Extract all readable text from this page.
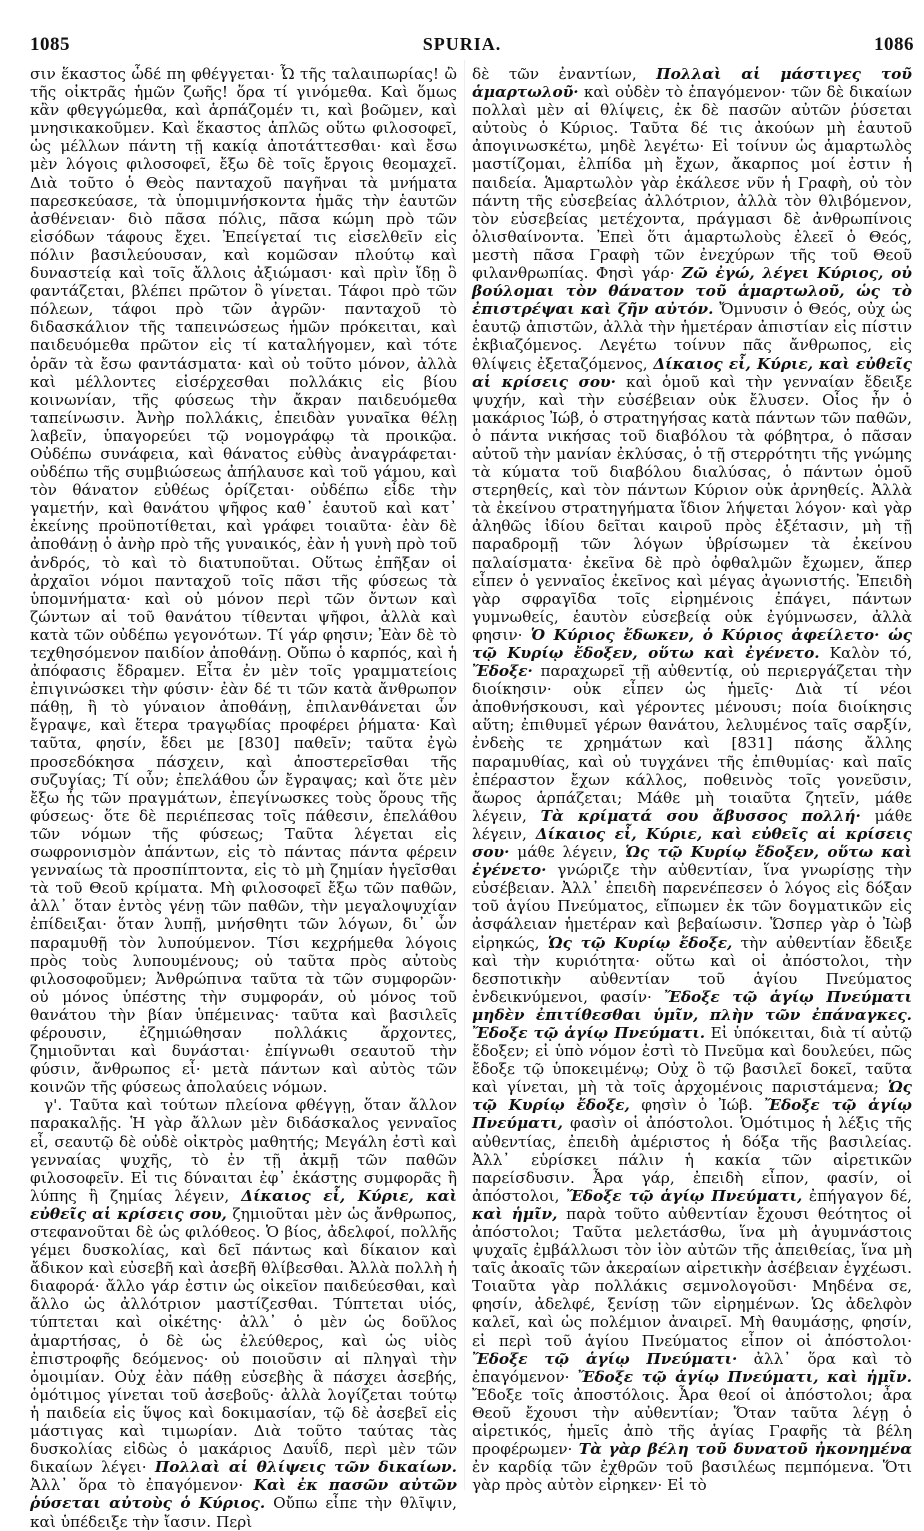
1085	SPURIA.	1086

σιν ἕκαστος ὧδέ πη φθέγγεται· Ὦ τῆς ταλαιπωρίας! ὢ τῆς οἰκτρᾶς ἡμῶν ζωῆς! ὅρα τί γινόμεθα. Καὶ ὅμως κἂν φθεγγώμεθα, καὶ ἁρπάζομέν τι, καὶ βοῶμεν, καὶ μνησικακοῦμεν. Καὶ ἕκαστος ἁπλῶς οὕτω φιλοσοφεῖ, ὡς μέλλων πάντη τῇ κακίᾳ ἀποτάττεσθαι· καὶ ἔσω μὲν λόγοις φιλοσοφεῖ, ἔξω δὲ τοῖς ἔργοις θεομαχεῖ. Διὰ τοῦτο ὁ Θεὸς πανταχοῦ παγῆναι τὰ μνήματα παρεσκεύασε, τὰ ὑπομιμνήσκοντα ἡμᾶς τὴν ἑαυτῶν ἀσθένειαν· διὸ πᾶσα πόλις, πᾶσα κώμη πρὸ τῶν εἰσόδων τάφους ἔχει. Ἐπείγεταί τις εἰσελθεῖν εἰς πόλιν βασιλεύουσαν, καὶ κομῶσαν πλούτῳ καὶ δυναστείᾳ καὶ τοῖς ἄλλοις ἀξιώμασι· καὶ πρὶν ἴδῃ ὃ φαντάζεται, βλέπει πρῶτον ὃ γίνεται. Τάφοι πρὸ τῶν πόλεων, τάφοι πρὸ τῶν ἀγρῶν· πανταχοῦ τὸ διδασκάλιον τῆς ταπεινώσεως ἡμῶν πρόκειται, καὶ παιδευόμεθα πρῶτον εἰς τί καταλήγομεν, καὶ τότε ὁρᾶν τὰ ἔσω φαντάσματα· καὶ οὐ τοῦτο μόνον, ἀλλὰ καὶ μέλλοντες εἰσέρχεσθαι πολλάκις εἰς βίου κοινωνίαν, τῆς φύσεως τὴν ἄκραν παιδευόμεθα ταπείνωσιν. Ἀνὴρ πολλάκις, ἐπειδὰν γυναῖκα θέλῃ λαβεῖν, ὑπαγορεύει τῷ νομογράφῳ τὰ προικῷα. Οὐδέπω συνάφεια, καὶ θάνατος εὐθὺς ἀναγράφεται· οὐδέπω τῆς συμβιώσεως ἀπήλαυσε καὶ τοῦ γάμου, καὶ τὸν θάνατον εὐθέως ὁρίζεται· οὐδέπω εἶδε τὴν γαμετήν, καὶ θανάτου ψῆφος καθ᾽ ἑαυτοῦ καὶ κατ᾽ ἐκείνης προϋποτίθεται, καὶ γράφει τοιαῦτα· ἐὰν δὲ ἀποθάνῃ ὁ ἀνὴρ πρὸ τῆς γυναικός, ἐὰν ἡ γυνὴ πρὸ τοῦ ἀνδρός, τὸ καὶ τὸ διατυποῦται. Οὕτως ἐπῆξαν οἱ ἀρχαῖοι νόμοι πανταχοῦ τοῖς πᾶσι τῆς φύσεως τὰ ὑπομνήματα· καὶ οὐ μόνον περὶ τῶν ὄντων καὶ ζώντων αἱ τοῦ θανάτου τίθενται ψῆφοι, ἀλλὰ καὶ κατὰ τῶν οὐδέπω γεγονότων. Τί γάρ φησιν; Ἐὰν δὲ τὸ τεχθησόμενον παιδίον ἀποθάνῃ. Οὔπω ὁ καρπός, καὶ ἡ ἀπόφασις ἔδραμεν. Εἶτα ἐν μὲν τοῖς γραμματείοις ἐπιγινώσκει τὴν φύσιν· ἐὰν δέ τι τῶν κατὰ ἄνθρωπον πάθῃ, ἢ τὸ γύναιον ἀποθάνῃ, ἐπιλανθάνεται ὧν ἔγραψε, καὶ ἕτερα τραγῳδίας προφέρει ῥήματα· Καὶ ταῦτα, φησίν, ἔδει με [830] παθεῖν; ταῦτα ἐγὼ προσεδόκησα πάσχειν, καὶ ἀποστερεῖσθαι τῆς συζυγίας; Τί οὖν; ἐπελάθου ὧν ἔγραψας; καὶ ὅτε μὲν ἔξω ἧς τῶν πραγμάτων, ἐπεγίνωσκες τοὺς ὅρους τῆς φύσεως· ὅτε δὲ περιέπεσας τοῖς πάθεσιν, ἐπελάθου τῶν νόμων τῆς φύσεως; Ταῦτα λέγεται εἰς σωφρονισμὸν ἁπάντων, εἰς τὸ πάντας πάντα φέρειν γενναίως τὰ προσπίπτοντα, εἰς τὸ μὴ ζημίαν ἡγεῖσθαι τὰ τοῦ Θεοῦ κρίματα. Μὴ φιλοσοφεῖ ἔξω τῶν παθῶν, ἀλλ᾽ ὅταν ἐντὸς γένῃ τῶν παθῶν, τὴν μεγαλοψυχίαν ἐπίδειξαι· ὅταν λυπῇ, μνήσθητι τῶν λόγων, δι᾽ ὧν παραμυθῇ τὸν λυπούμενον. Τίσι κεχρήμεθα λόγοις πρὸς τοὺς λυπουμένους; οὐ ταῦτα πρὸς αὐτοὺς φιλοσοφοῦμεν; Ἀνθρώπινα ταῦτα τὰ τῶν συμφορῶν· οὐ μόνος ὑπέστης τὴν συμφοράν, οὐ μόνος τοῦ θανάτου τὴν βίαν ὑπέμεινας· ταῦτα καὶ βασιλεῖς φέρουσιν, ἐζημιώθησαν πολλάκις ἄρχοντες, ζημιοῦνται καὶ δυνάσται· ἐπίγνωθι σεαυτοῦ τὴν φύσιν, ἄνθρωπος εἶ· μετὰ πάντων καὶ αὐτὸς τῶν κοινῶν τῆς φύσεως ἀπολαύεις νόμων.

γ'. Ταῦτα καὶ τούτων πλείονα φθέγγῃ, ὅταν ἄλλον παρακαλῇς. Ἡ γὰρ ἄλλων μὲν διδάσκαλος γενναῖος εἶ, σεαυτῷ δὲ οὐδὲ οἰκτρὸς μαθητής; Μεγάλη ἐστὶ καὶ γενναίας ψυχῆς, τὸ ἐν τῇ ἀκμῇ τῶν παθῶν φιλοσοφεῖν. Εἰ τις δύναιται ἐφ᾽ ἑκάστης συμφορᾶς ἢ λύπης ἢ ζημίας λέγειν, Δίκαιος εἶ, Κύριε, καὶ εὐθεῖς αἱ κρίσεις σου, ζημιοῦται μὲν ὡς ἄνθρωπος, στεφανοῦται δὲ ὡς φιλόθεος. Ὁ βίος, ἀδελφοί, πολλῆς γέμει δυσκολίας, καὶ δεῖ πάντως καὶ δίκαιον καὶ ἄδικον καὶ εὐσεβῆ καὶ ἀσεβῆ θλίβεσθαι. Ἀλλὰ πολλὴ ἡ διαφορά· ἄλλο γάρ ἐστιν ὡς οἰκεῖον παιδεύεσθαι, καὶ ἄλλο ὡς ἀλλότριον μαστίζεσθαι. Τύπτεται υἱός, τύπτεται καὶ οἰκέτης· ἀλλ᾽ ὁ μὲν ὡς δοῦλος ἁμαρτήσας, ὁ δὲ ὡς ἐλεύθερος, καὶ ὡς υἱὸς ἐπιστροφῆς δεόμενος· οὐ ποιοῦσιν αἱ πληγαὶ τὴν ὁμοιμίαν. Οὐχ ἐὰν πάθῃ εὐσεβὴς ἃ πάσχει ἀσεβής, ὁμότιμος γίνεται τοῦ ἀσεβοῦς· ἀλλὰ λογίζεται τούτῳ ἡ παιδεία εἰς ὕψος καὶ δοκιμασίαν, τῷ δὲ ἀσεβεῖ εἰς μάστιγας καὶ τιμωρίαν. Διὰ τοῦτο ταύτας τὰς δυσκολίας εἰδὼς ὁ μακάριος Δαυΐδ, περὶ μὲν τῶν δικαίων λέγει· Πολλαὶ αἱ θλίψεις τῶν δικαίων. Ἀλλ᾽ ὅρα τὸ ἐπαγόμενον· Καὶ ἐκ πασῶν αὐτῶν ῥύσεται αὐτοὺς ὁ Κύριος. Οὔπω εἶπε τὴν θλῖψιν, καὶ ὑπέδειξε τὴν ἴασιν. Περὶ

δὲ τῶν ἐναντίων, Πολλαὶ αἱ μάστιγες τοῦ ἁμαρτωλοῦ· καὶ οὐδὲν τὸ ἐπαγόμενον· τῶν δὲ δικαίων πολλαὶ μὲν αἱ θλίψεις, ἐκ δὲ πασῶν αὐτῶν ῥύσεται αὐτοὺς ὁ Κύριος. Ταῦτα δέ τις ἀκούων μὴ ἑαυτοῦ ἀπογινωσκέτω, μηδὲ λεγέτω· Εἰ τοίνυν ὡς ἁμαρτωλὸς μαστίζομαι, ἐλπίδα μὴ ἔχων, ἄκαρπος μοί ἐστιν ἡ παιδεία. Ἁμαρτωλὸν γὰρ ἐκάλεσε νῦν ἡ Γραφὴ, οὐ τὸν πάντη τῆς εὐσεβείας ἀλλότριον, ἀλλὰ τὸν θλιβόμενον, τὸν εὐσεβείας μετέχοντα, πράγμασι δὲ ἀνθρωπίνοις ὀλισθαίνοντα. Ἐπεὶ ὅτι ἁμαρτωλοὺς ἐλεεῖ ὁ Θεός, μεστὴ πᾶσα Γραφὴ τῶν ἐνεχύρων τῆς τοῦ Θεοῦ φιλανθρωπίας. Φησὶ γάρ· Ζῶ ἐγώ, λέγει Κύριος, οὐ βούλομαι τὸν θάνατον τοῦ ἁμαρτωλοῦ, ὡς τὸ ἐπιστρέψαι καὶ ζῆν αὐτόν. Ὄμνυσιν ὁ Θεός, οὐχ ὡς ἑαυτῷ ἀπιστῶν, ἀλλὰ τὴν ἡμετέραν ἀπιστίαν εἰς πίστιν ἐκβιαζόμενος. Λεγέτω τοίνυν πᾶς ἄνθρωπος, εἰς θλίψεις ἐξεταζόμενος, Δίκαιος εἶ, Κύριε, καὶ εὐθεῖς αἱ κρίσεις σου· καὶ ὁμοῦ καὶ τὴν γενναίαν ἔδειξε ψυχήν, καὶ τὴν εὐσέβειαν οὐκ ἔλυσεν. Οἷος ἦν ὁ μακάριος Ἰώβ, ὁ στρατηγήσας κατὰ πάντων τῶν παθῶν, ὁ πάντα νικήσας τοῦ διαβόλου τὰ φόβητρα, ὁ πᾶσαν αὐτοῦ τὴν μανίαν ἐκλύσας, ὁ τῇ στερρότητι τῆς γνώμης τὰ κύματα τοῦ διαβόλου διαλύσας, ὁ πάντων ὁμοῦ στερηθείς, καὶ τὸν πάντων Κύριον οὐκ ἀρνηθείς. Ἀλλὰ τὰ ἐκείνου στρατηγήματα ἴδιον λήψεται λόγον· καὶ γὰρ ἀληθῶς ἰδίου δεῖται καιροῦ πρὸς ἐξέτασιν, μὴ τῇ παραδρομῇ τῶν λόγων ὑβρίσωμεν τὰ ἐκείνου παλαίσματα· ἐκεῖνα δὲ πρὸ ὀφθαλμῶν ἔχωμεν, ἅπερ εἶπεν ὁ γενναῖος ἐκεῖνος καὶ μέγας ἀγωνιστής. Ἐπειδὴ γὰρ σφραγῖδα τοῖς εἰρημένοις ἐπάγει, πάντων γυμνωθείς, ἑαυτὸν εὐσεβείᾳ οὐκ ἐγύμνωσεν, ἀλλὰ φησιν· Ὁ Κύριος ἔδωκεν, ὁ Κύριος ἀφείλετο· ὡς τῷ Κυρίῳ ἔδοξεν, οὕτω καὶ ἐγένετο. Καλὸν τό, Ἔδοξε· παραχωρεῖ τῇ αὐθεντίᾳ, οὐ περιεργάζεται τὴν διοίκησιν· οὐκ εἶπεν ὡς ἡμεῖς· Διὰ τί νέοι ἀποθνήσκουσι, καὶ γέροντες μένουσι; ποία διοίκησις αὕτη; ἐπιθυμεῖ γέρων θανάτου, λελυμένος ταῖς σαρξίν, ἐνδεὴς τε χρημάτων καὶ [831] πάσης ἄλλης παραμυθίας, καὶ οὐ τυγχάνει τῆς ἐπιθυμίας· καὶ παῖς ἐπέραστον ἔχων κάλλος, ποθεινὸς τοῖς γονεῦσιν, ἄωρος ἁρπάζεται; Μάθε μὴ τοιαῦτα ζητεῖν, μάθε λέγειν, Τὰ κρίματά σου ἄβυσσος πολλή· μάθε λέγειν, Δίκαιος εἶ, Κύριε, καὶ εὐθεῖς αἱ κρίσεις σου· μάθε λέγειν, Ὡς τῷ Κυρίῳ ἔδοξεν, οὕτω καὶ ἐγένετο· γνώριζε τὴν αὐθεντίαν, ἵνα γνωρίσῃς τὴν εὐσέβειαν. Ἀλλ᾽ ἐπειδὴ παρενέπεσεν ὁ λόγος εἰς δόξαν τοῦ ἁγίου Πνεύματος, εἴπωμεν ἐκ τῶν δογματικῶν εἰς ἀσφάλειαν ἡμετέραν καὶ βεβαίωσιν. Ὥσπερ γὰρ ὁ Ἰὼβ εἰρηκώς, Ὡς τῷ Κυρίῳ ἔδοξε, τὴν αὐθεντίαν ἔδειξε καὶ τὴν κυριότητα· οὕτω καὶ οἱ ἀπόστολοι, τὴν δεσποτικὴν αὐθεντίαν τοῦ ἁγίου Πνεύματος ἐνδεικνύμενοι, φασίν· Ἔδοξε τῷ ἁγίῳ Πνεύματι μηδὲν ἐπιτίθεσθαι ὑμῖν, πλὴν τῶν ἐπάναγκες. Ἔδοξε τῷ ἁγίῳ Πνεύματι. Εἰ ὑπόκειται, διὰ τί αὐτῷ ἔδοξεν; εἰ ὑπὸ νόμον ἐστὶ τὸ Πνεῦμα καὶ δουλεύει, πῶς ἔδοξε τῷ ὑποκειμένῳ; Οὐχ ὃ τῷ βασιλεῖ δοκεῖ, ταῦτα καὶ γίνεται, μὴ τὰ τοῖς ἀρχομένοις παριστάμενα; Ὡς τῷ Κυρίῳ ἔδοξε, φησὶν ὁ Ἰώβ. Ἔδοξε τῷ ἁγίῳ Πνεύματι, φασὶν οἱ ἀπόστολοι. Ὁμότιμος ἡ λέξις τῆς αὐθεντίας, ἐπειδὴ ἀμέριστος ἡ δόξα τῆς βασιλείας. Ἀλλ᾽ εὑρίσκει πάλιν ἡ κακία τῶν αἱρετικῶν παρείσδυσιν. Ἆρα γάρ, ἐπειδὴ εἶπον, φασίν, οἱ ἀπόστολοι, Ἔδοξε τῷ ἁγίῳ Πνεύματι, ἐπήγαγον δέ, καὶ ἡμῖν, παρὰ τοῦτο αὐθεντίαν ἔχουσι θεότητος οἱ ἀπόστολοι; Ταῦτα μελετάσθω, ἵνα μὴ ἀγυμνάστοις ψυχαῖς ἐμβάλλωσι τὸν ἰὸν αὐτῶν τῆς ἀπειθείας, ἵνα μὴ ταῖς ἀκοαῖς τῶν ἀκεραίων αἱρετικὴν ἀσέβειαν ἐγχέωσι. Τοιαῦτα γὰρ πολλάκις σεμνολογοῦσι· Μηδένα σε, φησίν, ἀδελφέ, ξενίσῃ τῶν εἰρημένων. Ὡς ἀδελφὸν καλεῖ, καὶ ὡς πολέμιον ἀναιρεῖ. Μὴ θαυμάσῃς, φησίν, εἰ περὶ τοῦ ἁγίου Πνεύματος εἶπον οἱ ἀπόστολοι· Ἔδοξε τῷ ἁγίῳ Πνεύματι· ἀλλ᾽ ὅρα καὶ τὸ ἐπαγόμενον· Ἔδοξε τῷ ἁγίῳ Πνεύματι, καὶ ἡμῖν. Ἔδοξε τοῖς ἀποστόλοις. Ἆρα θεοί οἱ ἀπόστολοι; ἆρα Θεοῦ ἔχουσι τὴν αὐθεντίαν; Ὅταν ταῦτα λέγῃ ὁ αἱρετικός, ἡμεῖς ἀπὸ τῆς ἁγίας Γραφῆς τὰ βέλη προφέρωμεν· Τὰ γὰρ βέλη τοῦ δυνατοῦ ἠκονημένα ἐν καρδίᾳ τῶν ἐχθρῶν τοῦ βασιλέως πεμπόμενα. Ὅτι γὰρ πρὸς αὐτὸν εἰρηκεν· Εἰ τὸ
